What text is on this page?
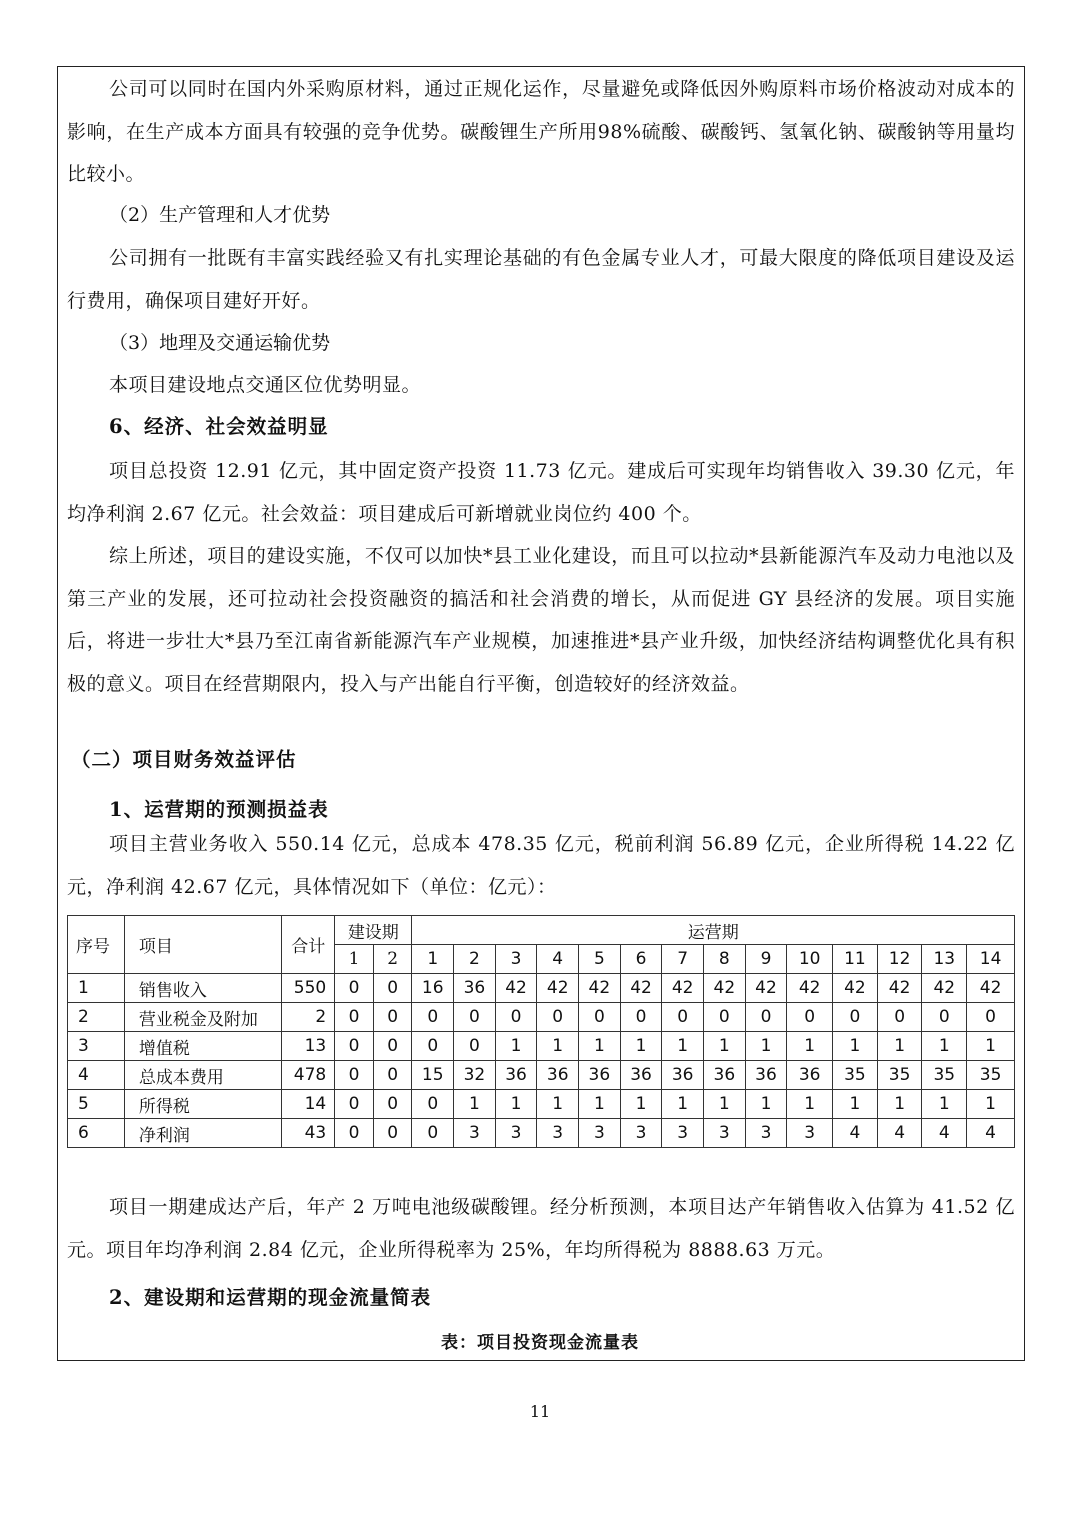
公司可以同时在国内外采购原材料，通过正规化运作，尽量避免或降低因外购原料市场价格波动对成本的影响，在生产成本方面具有较强的竞争优势。碳酸锂生产所用98%硫酸、碳酸钙、氢氧化钠、碳酸钠等用量均比较小。

（2）生产管理和人才优势

公司拥有一批既有丰富实践经验又有扎实理论基础的有色金属专业人才，可最大限度的降低项目建设及运行费用，确保项目建好开好。

（3）地理及交通运输优势

本项目建设地点交通区位优势明显。

6、经济、社会效益明显

项目总投资 12.91 亿元，其中固定资产投资 11.73 亿元。建成后可实现年均销售收入 39.30 亿元，年均净利润 2.67 亿元。社会效益：项目建成后可新增就业岗位约 400 个。

综上所述，项目的建设实施，不仅可以加快*县工业化建设，而且可以拉动*县新能源汽车及动力电池以及第三产业的发展，还可拉动社会投资融资的搞活和社会消费的增长，从而促进 GY 县经济的发展。项目实施后，将进一步壮大*县乃至江南省新能源汽车产业规模，加速推进*县产业升级，加快经济结构调整优化具有积极的意义。项目在经营期限内，投入与产出能自行平衡，创造较好的经济效益。

（二）项目财务效益评估
1、运营期的预测损益表

项目主营业务收入 550.14 亿元，总成本 478.35 亿元，税前利润 56.89 亿元，企业所得税 14.22 亿元，净利润 42.67 亿元，具体情况如下（单位：亿元）：

序号	项目	合计	建设期		运营期													
			1	2	1	2	3	4	5	6	7	8	9	10	11	12	13	14
1	销售收入	550	0	0	16	36	42	42	42	42	42	42	42	42	42	42	42	42
2	营业税金及附加	2	0	0	0	0	0	0	0	0	0	0	0	0	0	0	0	0
3	增值税	13	0	0	0	0	1	1	1	1	1	1	1	1	1	1	1	1
4	总成本费用	478	0	0	15	32	36	36	36	36	36	36	36	36	35	35	35	35
5	所得税	14	0	0	0	1	1	1	1	1	1	1	1	1	1	1	1	1
6	净利润	43	0	0	0	3	3	3	3	3	3	3	3	3	4	4	4	4

项目一期建成达产后，年产 2 万吨电池级碳酸锂。经分析预测，本项目达产年销售收入估算为 41.52 亿元。项目年均净利润 2.84 亿元，企业所得税率为 25%，年均所得税为 8888.63 万元。

2、建设期和运营期的现金流量简表
表：项目投资现金流量表
11
